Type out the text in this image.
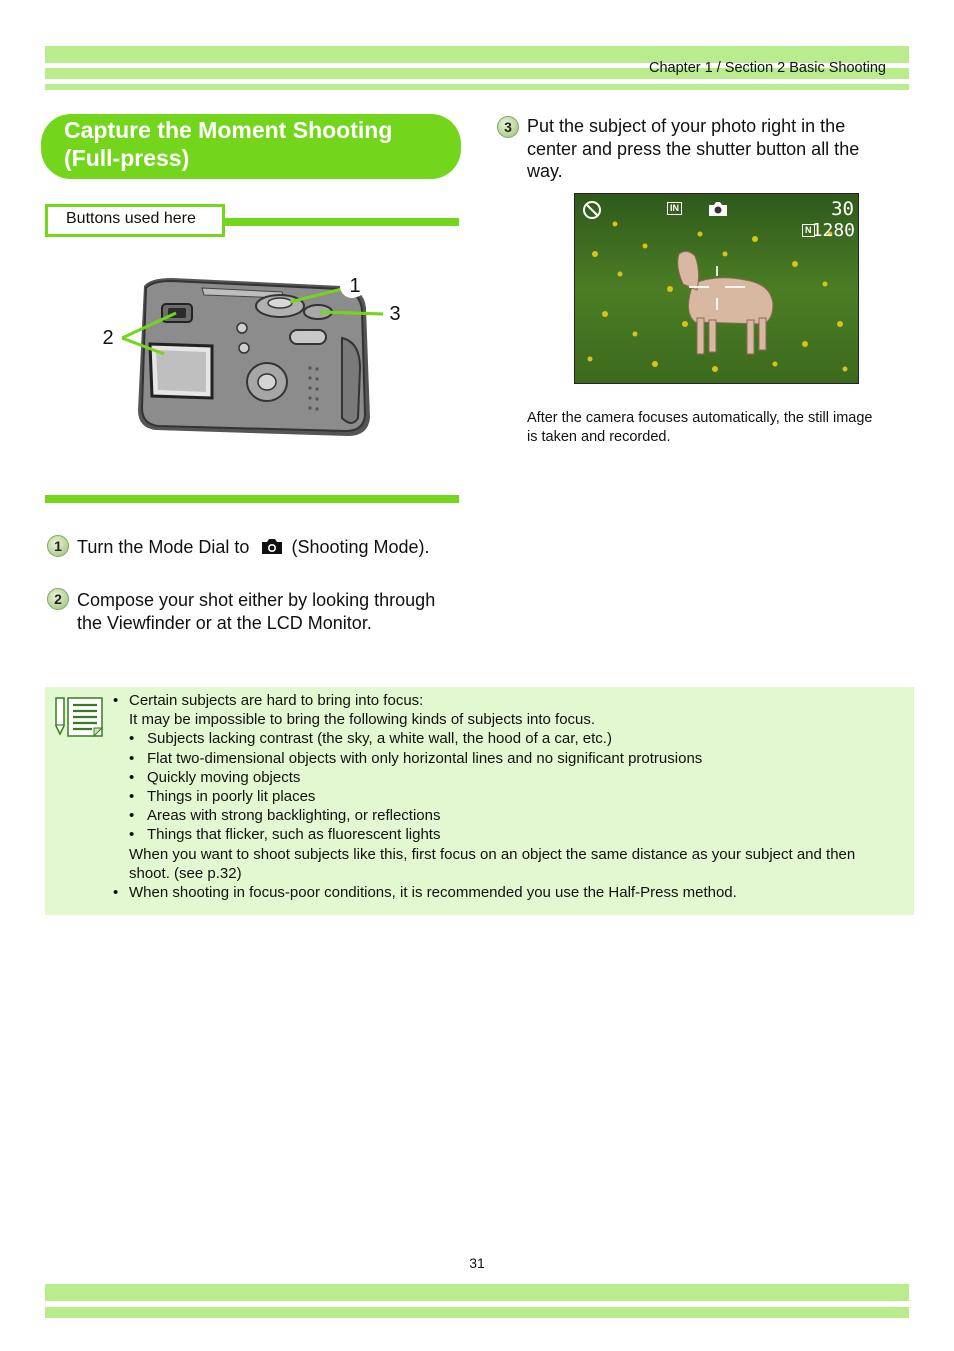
Chapter 1 / Section 2 Basic Shooting
Capture the Moment Shooting
(Full-press)
Buttons used here
1
2
3
1 Turn the Mode Dial to (Shooting Mode).
2 Compose your shot either by looking through
the Viewfinder or at the LCD Monitor.
3 Put the subject of your photo right in the
center and press the shutter button all the
way.
IN	30
N 1280
After the camera focuses automatically, the still image
is taken and recorded.
• Certain subjects are hard to bring into focus:
It may be impossible to bring the following kinds of subjects into focus.
• Subjects lacking contrast (the sky, a white wall, the hood of a car, etc.)
• Flat two-dimensional objects with only horizontal lines and no significant protrusions
• Quickly moving objects
• Things in poorly lit places
• Areas with strong backlighting, or reflections
• Things that flicker, such as fluorescent lights
When you want to shoot subjects like this, first focus on an object the same distance as your subject and then
shoot. (see p.32)
• When shooting in focus-poor conditions, it is recommended you use the Half-Press method.
31
